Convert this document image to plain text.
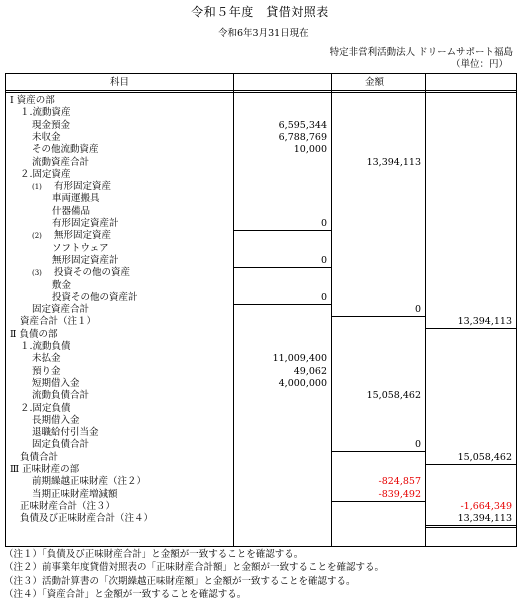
令和５年度　貸借対照表
令和6年3月31日現在
特定非営利活動法人 ドリームサポート福島
（単位：円）
科目	金額
Ⅰ 資産の部
１.流動資産
現金預金	6,595,344
未収金	6,788,769
その他流動資産	10,000
流動資産合計	13,394,113
２.固定資産
(1) 有形固定資産
車両運搬具
什器備品
有形固定資産計	0
(2) 無形固定資産
ソフトウェア
無形固定資産計	0
(3) 投資その他の資産
敷金
投資その他の資産計	0
固定資産合計	0
資産合計（注１）	13,394,113
Ⅱ 負債の部
１.流動負債
未払金	11,009,400
預り金	49,062
短期借入金	4,000,000
流動負債合計	15,058,462
２.固定負債
長期借入金
退職給付引当金
固定負債合計	0
負債合計	15,058,462
Ⅲ 正味財産の部
前期繰越正味財産（注２）	-824,857
当期正味財産増減額	-839,492
正味財産合計（注３）	-1,664,349
負債及び正味財産合計（注４）	13,394,113
（注１）「負債及び正味財産合計」と金額が一致することを確認する。
（注２）前事業年度貸借対照表の「正味財産合計額」と金額が一致することを確認する。
（注３）活動計算書の「次期繰越正味財産額」と金額が一致することを確認する。
（注４）「資産合計」と金額が一致することを確認する。
